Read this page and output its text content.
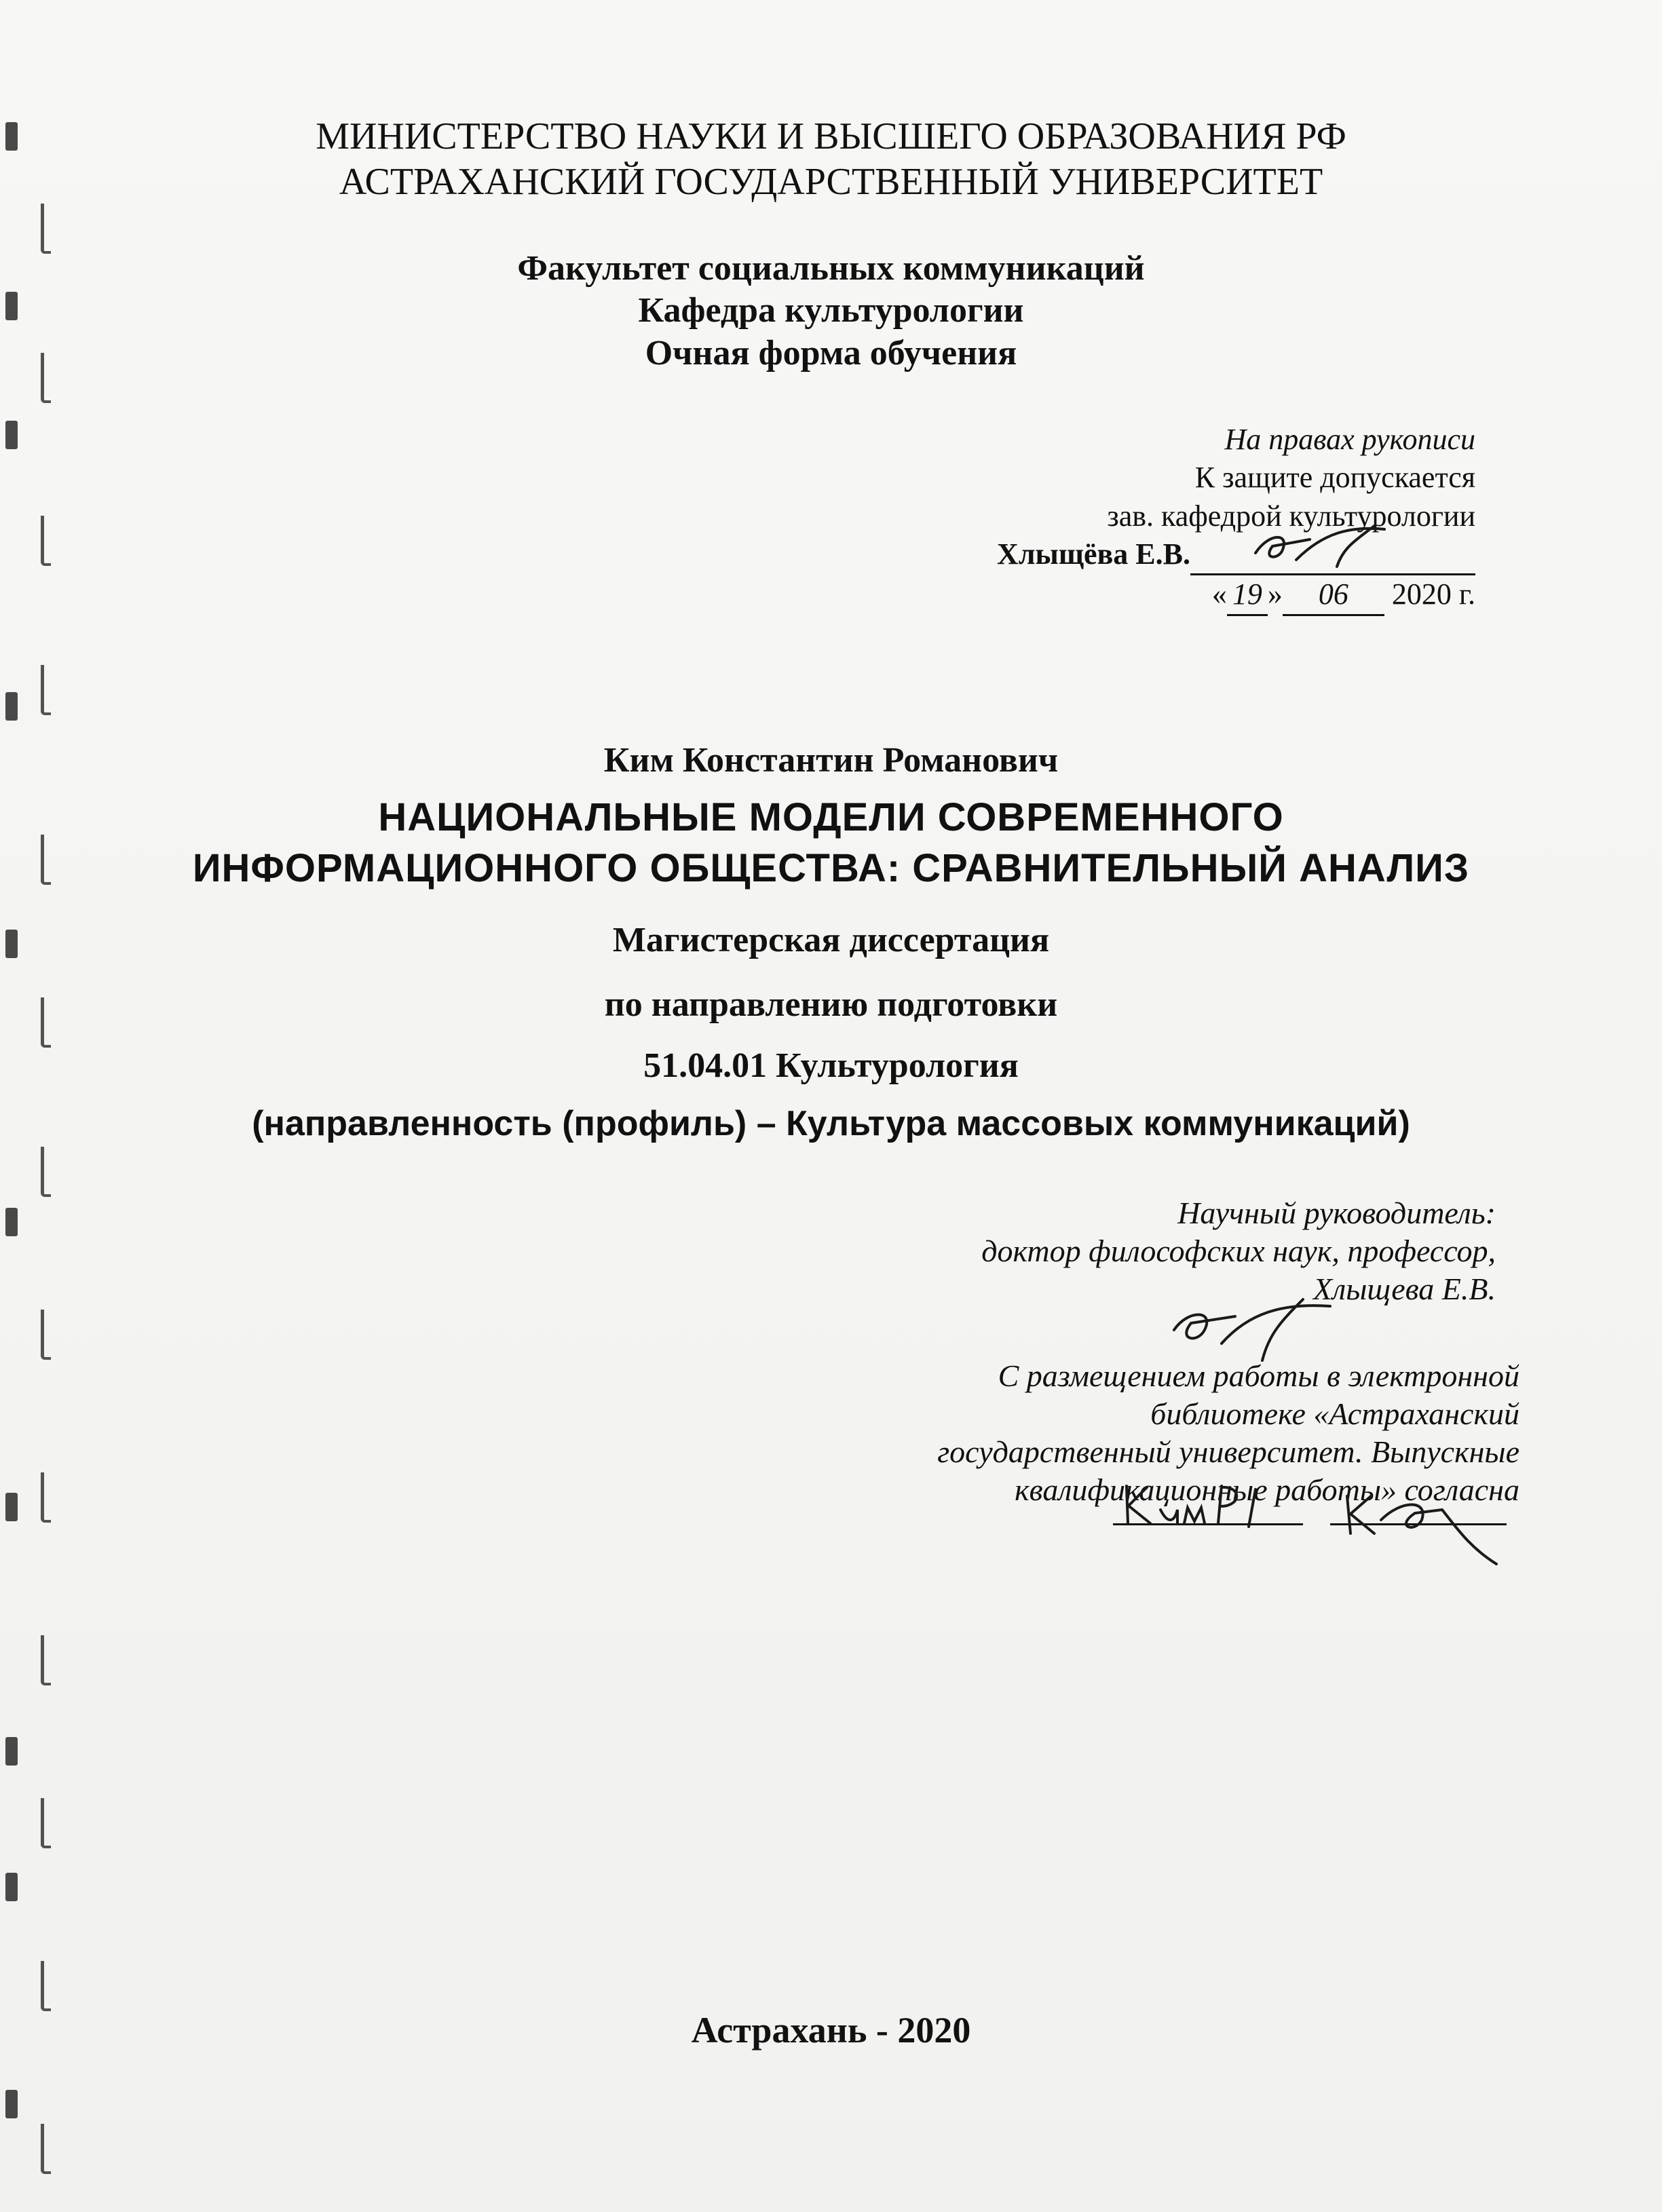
МИНИСТЕРСТВО НАУКИ И ВЫСШЕГО ОБРАЗОВАНИЯ РФ
АСТРАХАНСКИЙ ГОСУДАРСТВЕННЫЙ УНИВЕРСИТЕТ
Факультет социальных коммуникаций
Кафедра культурологии
Очная форма обучения
На правах рукописи
К защите допускается
зав. кафедрой культурологии
Хлыщёва Е.В.
« 19 » 06 2020 г.
Ким Константин Романович
НАЦИОНАЛЬНЫЕ МОДЕЛИ СОВРЕМЕННОГО
ИНФОРМАЦИОННОГО ОБЩЕСТВА: СРАВНИТЕЛЬНЫЙ АНАЛИЗ
Магистерская диссертация
по направлению подготовки
51.04.01 Культурология
(направленность (профиль) – Культура массовых коммуникаций)
Научный руководитель:
доктор философских наук, профессор,
Хлыщева Е.В.
С размещением работы в электронной
библиотеке «Астраханский
государственный университет. Выпускные
квалификационные работы» согласна
Астрахань - 2020
